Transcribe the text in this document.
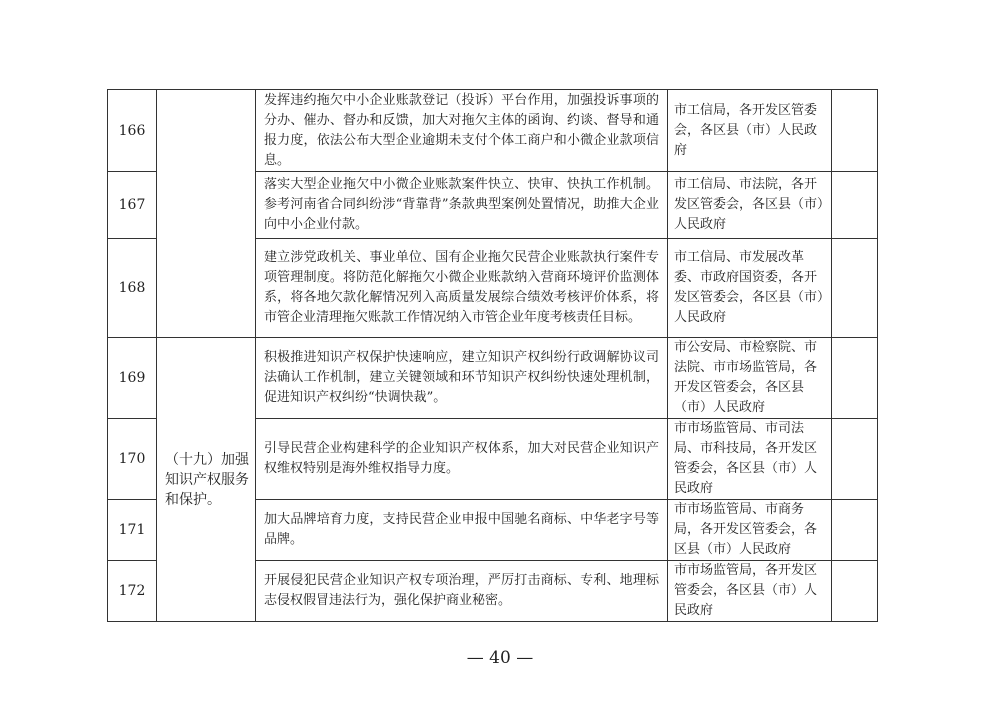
166		发挥违约拖欠中小企业账款登记（投诉）平台作用，加强投诉事项的分办、催办、督办和反馈，加大对拖欠主体的函询、约谈、督导和通报力度，依法公布大型企业逾期未支付个体工商户和小微企业款项信息。	市工信局，各开发区管委会，各区县（市）人民政府	
167		落实大型企业拖欠中小微企业账款案件快立、快审、快执工作机制。参考河南省合同纠纷涉“背靠背”条款典型案例处置情况，助推大企业向中小企业付款。	市工信局、市法院，各开发区管委会，各区县（市）人民政府	
168		建立涉党政机关、事业单位、国有企业拖欠民营企业账款执行案件专项管理制度。将防范化解拖欠小微企业账款纳入营商环境评价监测体系，将各地欠款化解情况列入高质量发展综合绩效考核评价体系，将市管企业清理拖欠账款工作情况纳入市管企业年度考核责任目标。	市工信局、市发展改革委、市政府国资委，各开发区管委会，各区县（市）人民政府	
169	（十九）加强知识产权服务和保护。	积极推进知识产权保护快速响应，建立知识产权纠纷行政调解协议司法确认工作机制，建立关键领域和环节知识产权纠纷快速处理机制，促进知识产权纠纷“快调快裁”。	市公安局、市检察院、市法院、市市场监管局，各开发区管委会，各区县（市）人民政府	
170		引导民营企业构建科学的企业知识产权体系，加大对民营企业知识产权维权特别是海外维权指导力度。	市市场监管局、市司法局、市科技局，各开发区管委会，各区县（市）人民政府	
171		加大品牌培育力度，支持民营企业申报中国驰名商标、中华老字号等品牌。	市市场监管局、市商务局，各开发区管委会，各区县（市）人民政府	
172		开展侵犯民营企业知识产权专项治理，严厉打击商标、专利、地理标志侵权假冒违法行为，强化保护商业秘密。	市市场监管局，各开发区管委会，各区县（市）人民政府	
— 40 —
